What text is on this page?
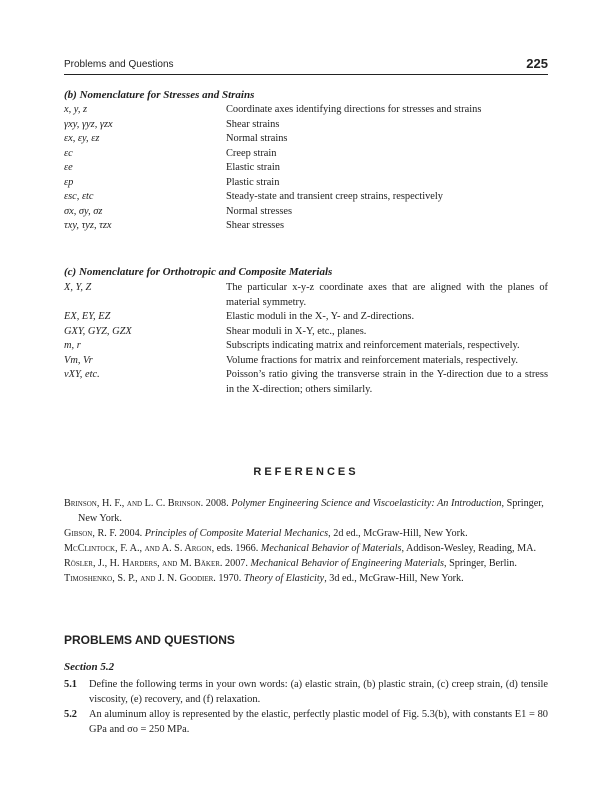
Problems and Questions	225
(b) Nomenclature for Stresses and Strains
x, y, z	Coordinate axes identifying directions for stresses and strains
γxy, γyz, γzx	Shear strains
εx, εy, εz	Normal strains
εc	Creep strain
εe	Elastic strain
εp	Plastic strain
εsc, εtc	Steady-state and transient creep strains, respectively
σx, σy, σz	Normal stresses
τxy, τyz, τzx	Shear stresses
(c) Nomenclature for Orthotropic and Composite Materials
X, Y, Z	The particular x-y-z coordinate axes that are aligned with the planes of material symmetry.
EX, EY, EZ	Elastic moduli in the X-, Y- and Z-directions.
GXY, GYZ, GZX	Shear moduli in X-Y, etc., planes.
m, r	Subscripts indicating matrix and reinforcement materials, respectively.
Vm, Vr	Volume fractions for matrix and reinforcement materials, respectively.
νXY, etc.	Poisson’s ratio giving the transverse strain in the Y-direction due to a stress in the X-direction; others similarly.
REFERENCES
Brinson, H. F., and L. C. Brinson. 2008. Polymer Engineering Science and Viscoelasticity: An Introduction, Springer, New York.
Gibson, R. F. 2004. Principles of Composite Material Mechanics, 2d ed., McGraw-Hill, New York.
McClintock, F. A., and A. S. Argon, eds. 1966. Mechanical Behavior of Materials, Addison-Wesley, Reading, MA.
Rösler, J., H. Harders, and M. Bäker. 2007. Mechanical Behavior of Engineering Materials, Springer, Berlin.
Timoshenko, S. P., and J. N. Goodier. 1970. Theory of Elasticity, 3d ed., McGraw-Hill, New York.
PROBLEMS AND QUESTIONS
Section 5.2
5.1	Define the following terms in your own words: (a) elastic strain, (b) plastic strain, (c) creep strain, (d) tensile viscosity, (e) recovery, and (f) relaxation.
5.2	An aluminum alloy is represented by the elastic, perfectly plastic model of Fig. 5.3(b), with constants E1 = 80 GPa and σo = 250 MPa.
